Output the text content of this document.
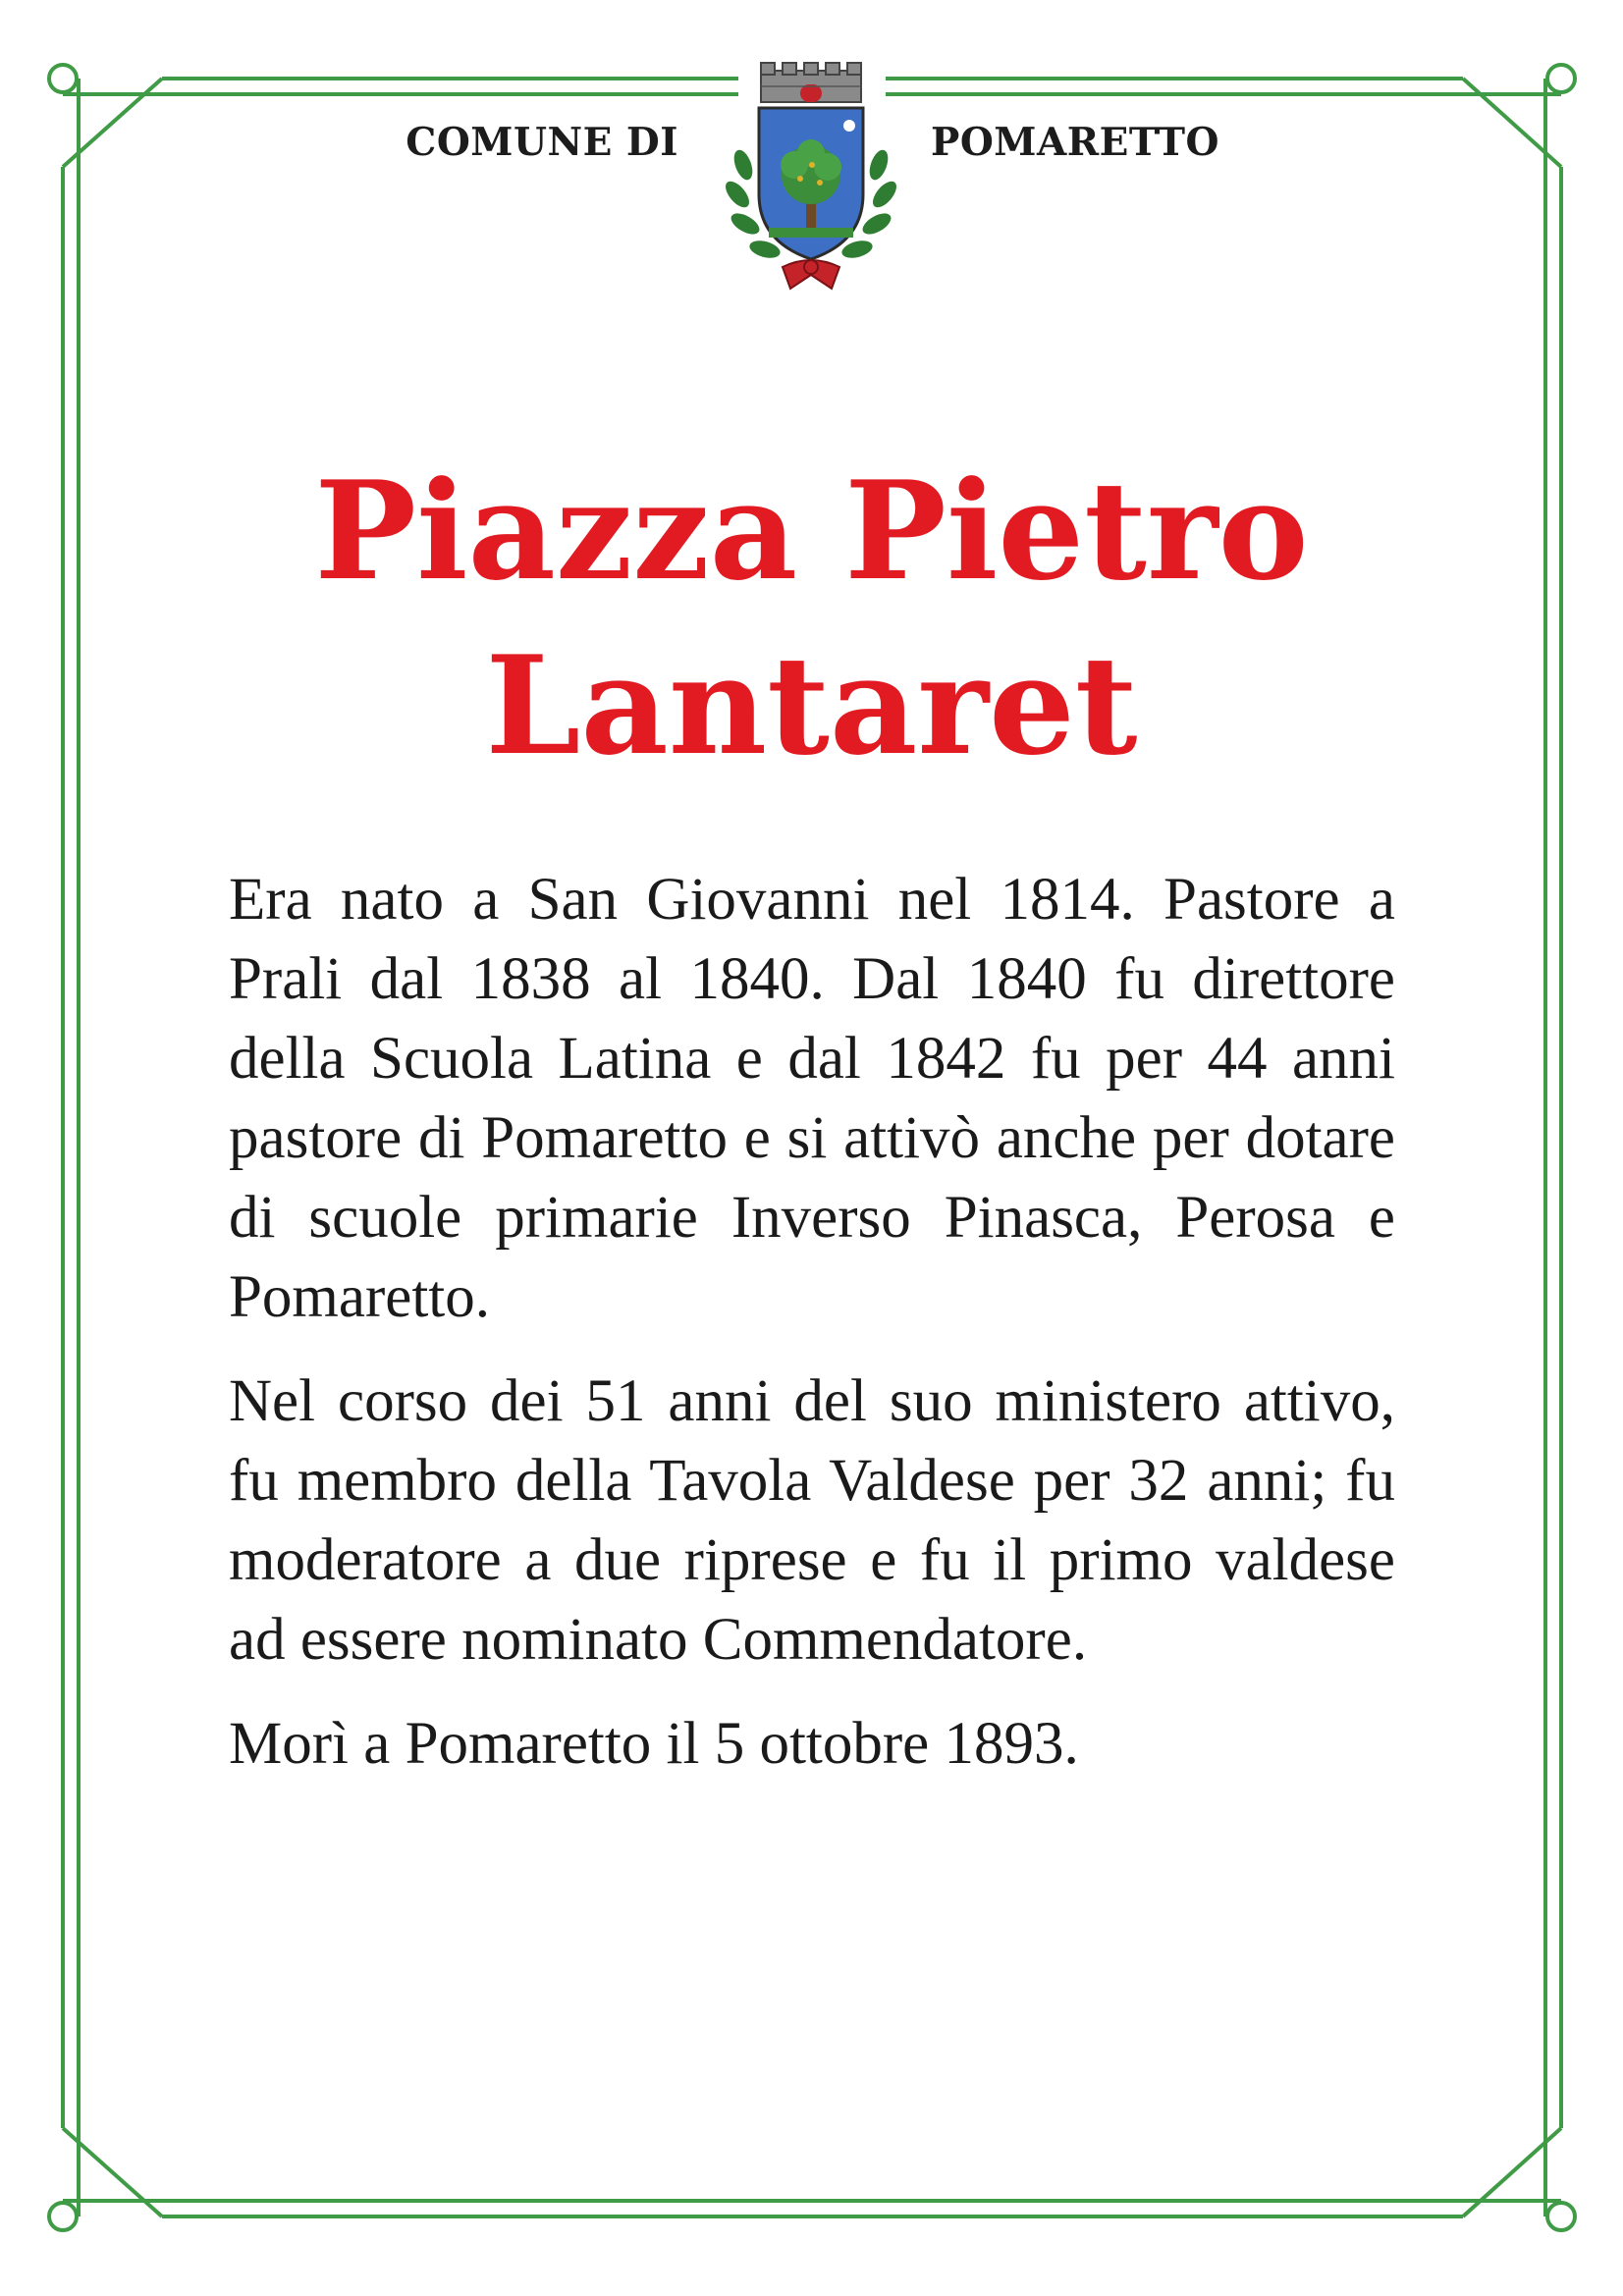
COMUNE DI	POMARETTO
Piazza Pietro
Lantaret

Era nato a San Giovanni nel 1814. Pastore a Prali dal 1838 al 1840. Dal 1840 fu direttore della Scuola Latina e dal 1842 fu per 44 anni pastore di Pomaretto e si attivò anche per dotare di scuole primarie Inverso Pinasca, Perosa e Pomaretto.

Nel corso dei 51 anni del suo ministero attivo, fu membro della Tavola Valdese per 32 anni; fu moderatore a due riprese e fu il primo valdese ad essere nominato Commendatore.

Morì a Pomaretto il 5 ottobre 1893.
